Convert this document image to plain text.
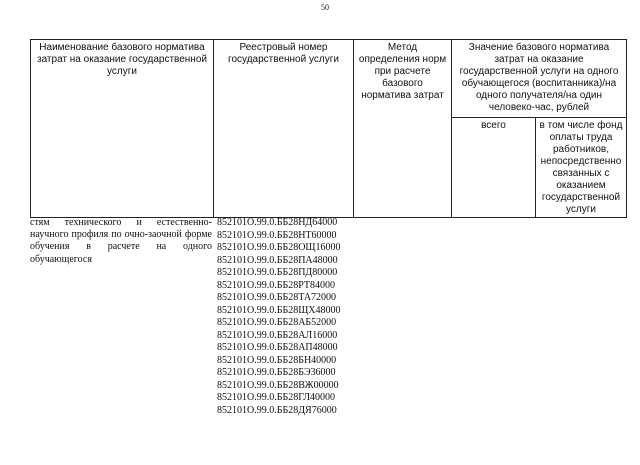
50
Наименование базового норматива затрат на оказание государственной услуги
Реестровый номер государственной услуги
Метод определения норм при расчете базового норматива затрат
Значение базового норматива затрат на оказание государственной услуги на одного обучающегося (воспитанника)/на одного получателя/на один человеко-час, рублей
всего	в том числе фонд оплаты труда работников, непосредственно связанных с оказанием государственной услуги
стям технического и естественно-научного профиля по очно-заочной форме обучения в расчете на одного обучающегося
852101О.99.0.ББ28НД64000
852101О.99.0.ББ28НТ60000
852101О.99.0.ББ28ОЩ16000
852101О.99.0.ББ28ПА48000
852101О.99.0.ББ28ПД80000
852101О.99.0.ББ28РТ84000
852101О.99.0.ББ28ТА72000
852101О.99.0.ББ28ЩХ48000
852101О.99.0.ББ28АБ52000
852101О.99.0.ББ28АЛ16000
852101О.99.0.ББ28АП48000
852101О.99.0.ББ28БН40000
852101О.99.0.ББ28БЭ36000
852101О.99.0.ББ28ВЖ00000
852101О.99.0.ББ28ГЛ40000
852101О.99.0.ББ28ДЯ76000
